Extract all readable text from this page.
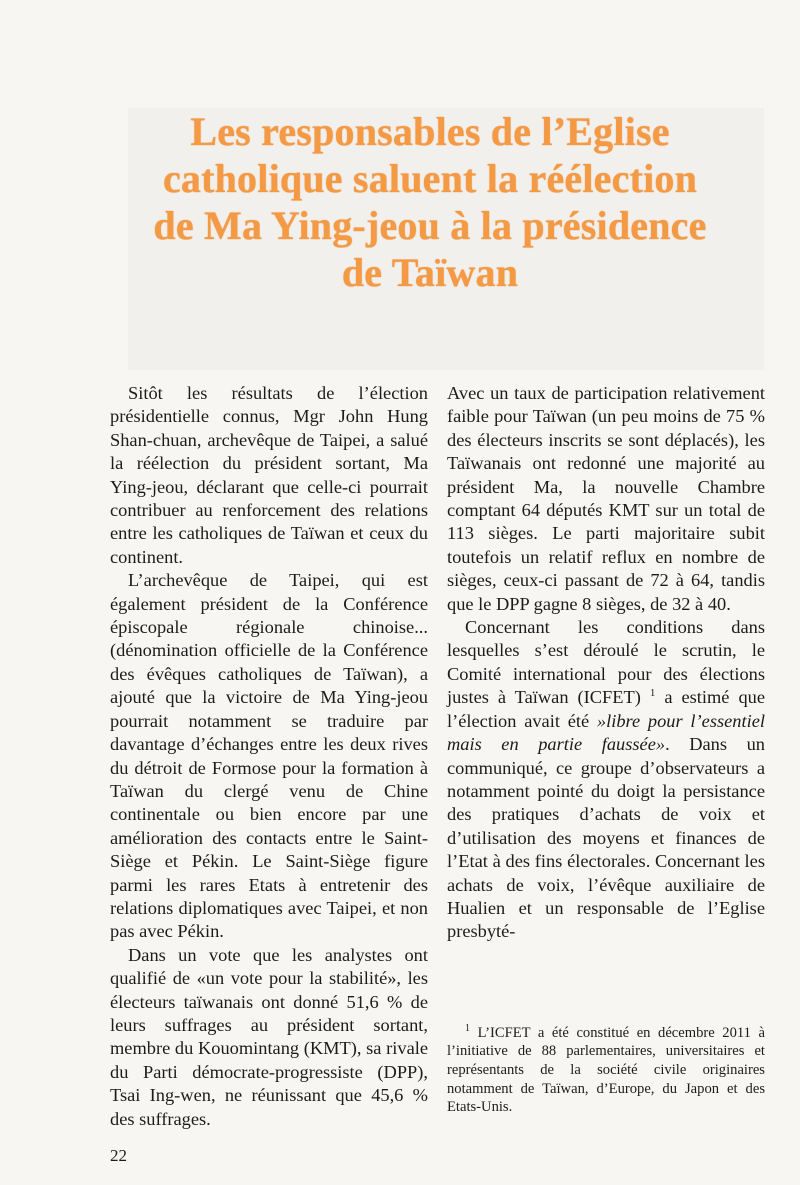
Les responsables de l’Eglise
catholique saluent la réélection
de Ma Ying-jeou à la présidence
de Taïwan

Sitôt les résultats de l’élection présidentielle connus, Mgr John Hung Shan-chuan, archevêque de Taipei, a salué la réélection du président sortant, Ma Ying-jeou, déclarant que celle-ci pourrait contribuer au renforcement des relations entre les catholiques de Taïwan et ceux du continent.

L’archevêque de Taipei, qui est également président de la Conférence épiscopale régionale chinoise... (dénomination officielle de la Conférence des évêques catholiques de Taïwan), a ajouté que la victoire de Ma Ying-jeou pourrait notamment se traduire par davantage d’échanges entre les deux rives du détroit de Formose pour la formation à Taïwan du clergé venu de Chine continentale ou bien encore par une amélioration des contacts entre le Saint-Siège et Pékin. Le Saint-Siège figure parmi les rares Etats à entretenir des relations diplomatiques avec Taipei, et non pas avec Pékin.

Dans un vote que les analystes ont qualifié de «un vote pour la stabilité», les électeurs taïwanais ont donné 51,6 % de leurs suffrages au président sortant, membre du Kouomintang (KMT), sa rivale du Parti démocrate-progressiste (DPP), Tsai Ing-wen, ne réunissant que 45,6 % des suffrages.

Avec un taux de participation relativement faible pour Taïwan (un peu moins de 75 % des électeurs inscrits se sont déplacés), les Taïwanais ont redonné une majorité au président Ma, la nouvelle Chambre comptant 64 députés KMT sur un total de 113 sièges. Le parti majoritaire subit toutefois un relatif reflux en nombre de sièges, ceux-ci passant de 72 à 64, tandis que le DPP gagne 8 sièges, de 32 à 40.

Concernant les conditions dans lesquelles s’est déroulé le scrutin, le Comité international pour des élections justes à Taïwan (ICFET) $^1$ a estimé que l’élection avait été »libre pour l’essentiel mais en partie faussée». Dans un communiqué, ce groupe d’observateurs a notamment pointé du doigt la persistance des pratiques d’achats de voix et d’utilisation des moyens et finances de l’Etat à des fins électorales. Concernant les achats de voix, l’évêque auxiliaire de Hualien et un responsable de l’Eglise presbyté-

$^1$ L’ICFET a été constitué en décembre 2011 à l’initiative de 88 parlementaires, universitaires et représentants de la société civile originaires notamment de Taïwan, d’Europe, du Japon et des Etats-Unis.

22
